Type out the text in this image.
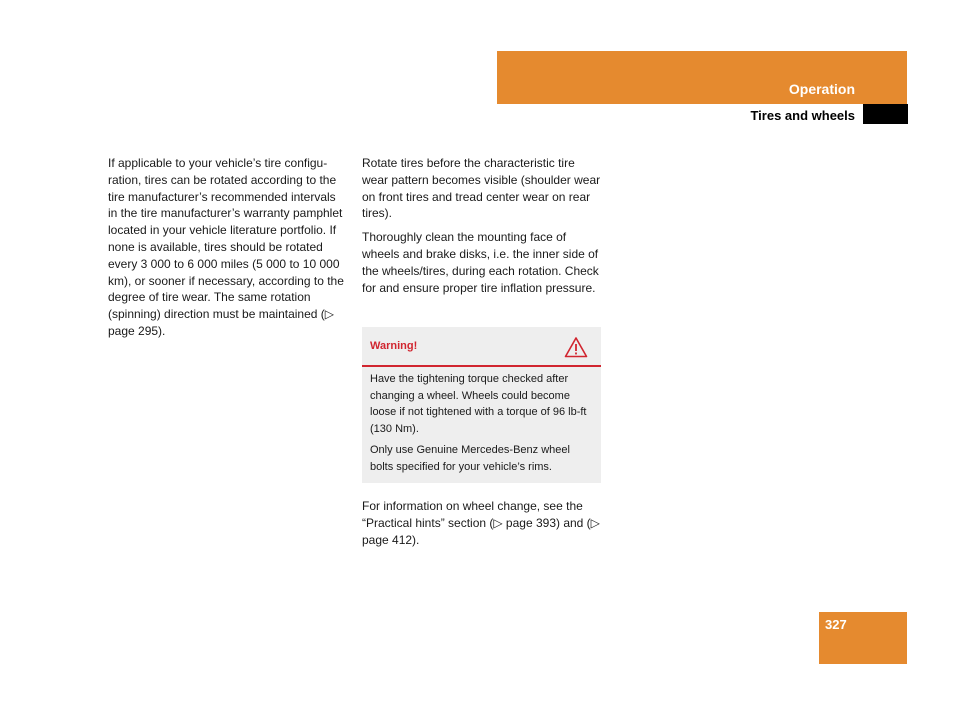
Operation
Tires and wheels

If applicable to your vehicle’s tire configuration, tires can be rotated according to the tire manufacturer’s recommended intervals in the tire manufacturer’s warranty pamphlet located in your vehicle literature portfolio. If none is available, tires should be rotated every 3 000 to 6 000 miles (5 000 to 10 000 km), or sooner if necessary, according to the degree of tire wear. The same rotation (spinning) direction must be maintained (▷ page 295).

Rotate tires before the characteristic tire wear pattern becomes visible (shoulder wear on front tires and tread center wear on rear tires).

Thoroughly clean the mounting face of wheels and brake disks, i.e. the inner side of the wheels/tires, during each rotation. Check for and ensure proper tire inflation pressure.

Warning!

Have the tightening torque checked after changing a wheel. Wheels could become loose if not tightened with a torque of 96 lb-ft (130 Nm).

Only use Genuine Mercedes-Benz wheel bolts specified for your vehicle’s rims.

For information on wheel change, see the “Practical hints” section (▷ page 393) and (▷ page 412).

327
